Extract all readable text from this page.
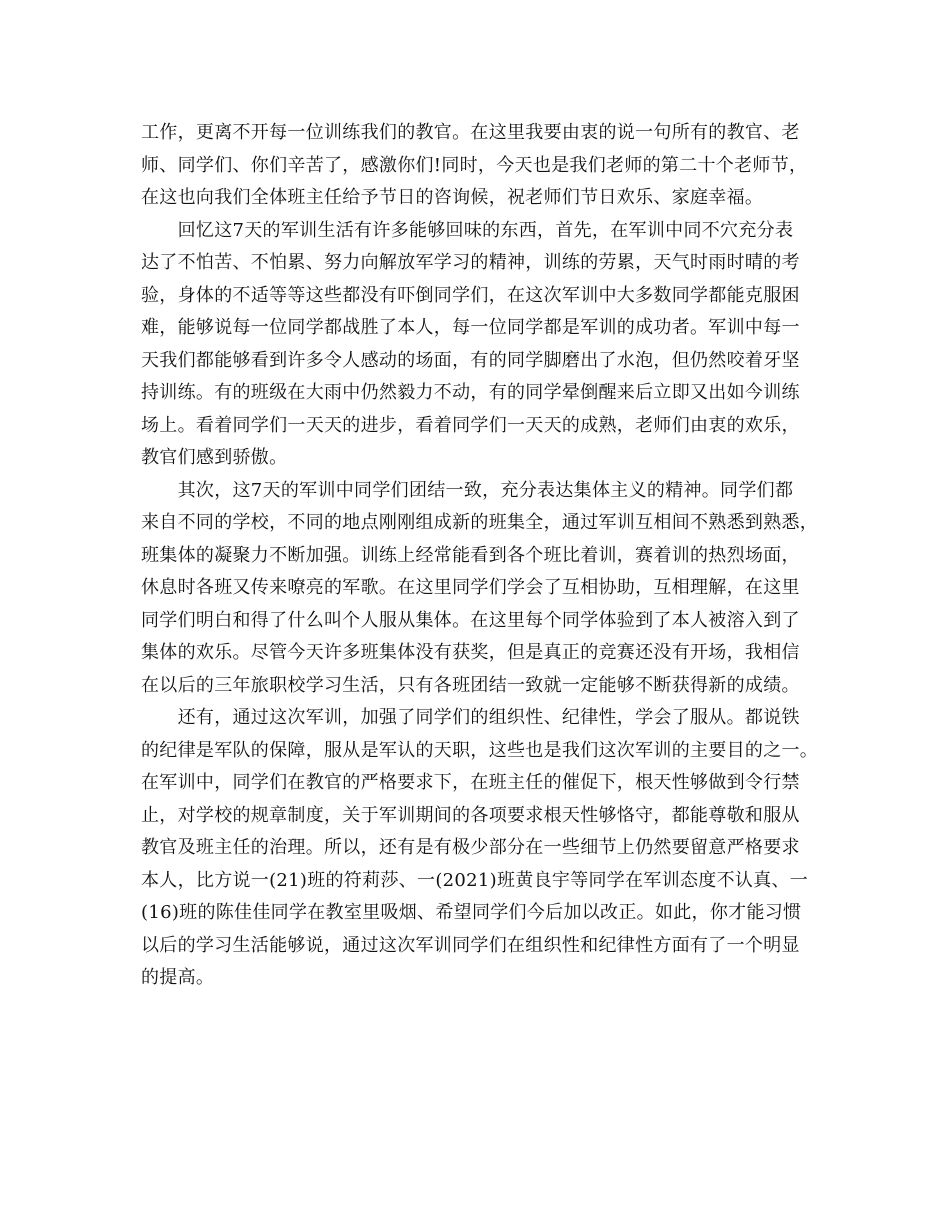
工作，更离不开每一位训练我们的教官。在这里我要由衷的说一句所有的教官、老
师、同学们、你们辛苦了，感激你们!同时，今天也是我们老师的第二十个老师节，
在这也向我们全体班主任给予节日的咨询候，祝老师们节日欢乐、家庭幸福。
　　回忆这7天的军训生活有许多能够回味的东西，首先，在军训中同不穴充分表
达了不怕苦、不怕累、努力向解放军学习的精神，训练的劳累，天气时雨时晴的考
验，身体的不适等等这些都没有吓倒同学们，在这次军训中大多数同学都能克服困
难，能够说每一位同学都战胜了本人，每一位同学都是军训的成功者。军训中每一
天我们都能够看到许多令人感动的场面，有的同学脚磨出了水泡，但仍然咬着牙坚
持训练。有的班级在大雨中仍然毅力不动，有的同学晕倒醒来后立即又出如今训练
场上。看着同学们一天天的进步，看着同学们一天天的成熟，老师们由衷的欢乐，
教官们感到骄傲。
　　其次，这7天的军训中同学们团结一致，充分表达集体主义的精神。同学们都
来自不同的学校，不同的地点刚刚组成新的班集全，通过军训互相间不熟悉到熟悉，
班集体的凝聚力不断加强。训练上经常能看到各个班比着训，赛着训的热烈场面，
休息时各班又传来嘹亮的军歌。在这里同学们学会了互相协助，互相理解，在这里
同学们明白和得了什么叫个人服从集体。在这里每个同学体验到了本人被溶入到了
集体的欢乐。尽管今天许多班集体没有获奖，但是真正的竞赛还没有开场，我相信
在以后的三年旅职校学习生活，只有各班团结一致就一定能够不断获得新的成绩。
　　还有，通过这次军训，加强了同学们的组织性、纪律性，学会了服从。都说铁
的纪律是军队的保障，服从是军认的天职，这些也是我们这次军训的主要目的之一。
在军训中，同学们在教官的严格要求下，在班主任的催促下，根天性够做到令行禁
止，对学校的规章制度，关于军训期间的各项要求根天性够恪守，都能尊敬和服从
教官及班主任的治理。所以，还有是有极少部分在一些细节上仍然要留意严格要求
本人，比方说一(21)班的符莉莎、一(2021)班黄良宇等同学在军训态度不认真、一
(16)班的陈佳佳同学在教室里吸烟、希望同学们今后加以改正。如此，你才能习惯
以后的学习生活能够说，通过这次军训同学们在组织性和纪律性方面有了一个明显
的提高。
